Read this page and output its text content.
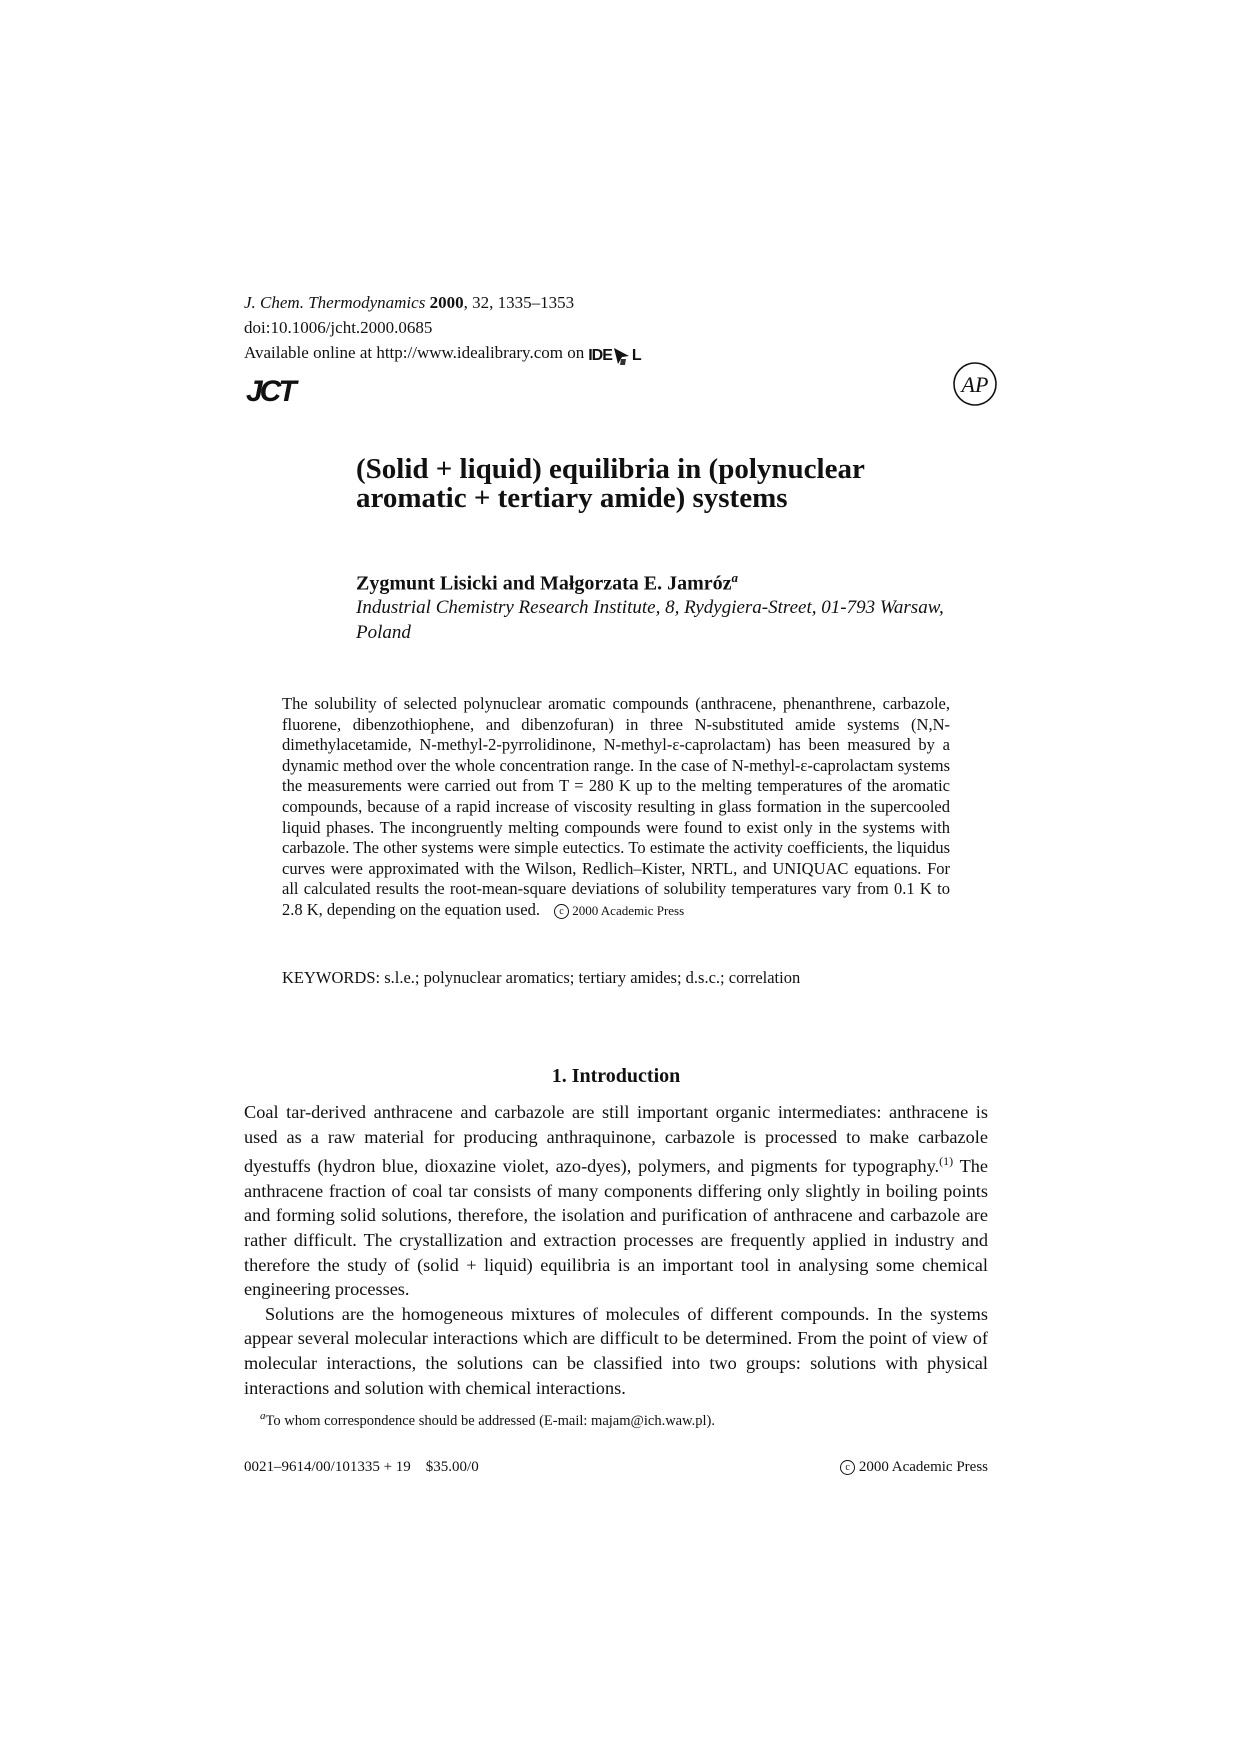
J. Chem. Thermodynamics 2000, 32, 1335–1353
doi:10.1006/jcht.2000.0685
Available online at http://www.idealibrary.com on IDE L
JCT	AP
(Solid + liquid) equilibria in (polynuclear
aromatic + tertiary amide) systems
Zygmunt Lisicki and Małgorzata E. Jamróz$^a$
Industrial Chemistry Research Institute, 8, Rydygiera-Street, 01-793 Warsaw, Poland

The solubility of selected polynuclear aromatic compounds (anthracene, phenanthrene, carbazole, fluorene, dibenzothiophene, and dibenzofuran) in three N-substituted amide systems (N,N-dimethylacetamide, N-methyl-2-pyrrolidinone, N-methyl-ε-caprolactam) has been measured by a dynamic method over the whole concentration range. In the case of N-methyl-ε-caprolactam systems the measurements were carried out from T = 280 K up to the melting temperatures of the aromatic compounds, because of a rapid increase of viscosity resulting in glass formation in the supercooled liquid phases. The incongruently melting compounds were found to exist only in the systems with carbazole. The other systems were simple eutectics. To estimate the activity coefficients, the liquidus curves were approximated with the Wilson, Redlich–Kister, NRTL, and UNIQUAC equations. For all calculated results the root-mean-square deviations of solubility temperatures vary from 0.1 K to 2.8 K, depending on the equation used. c 2000 Academic Press

KEYWORDS: s.l.e.; polynuclear aromatics; tertiary amides; d.s.c.; correlation
1. Introduction

Coal tar-derived anthracene and carbazole are still important organic intermediates: anthracene is used as a raw material for producing anthraquinone, carbazole is processed to make carbazole dyestuffs (hydron blue, dioxazine violet, azo-dyes), polymers, and pigments for typography.$^{(1)}$ The anthracene fraction of coal tar consists of many components differing only slightly in boiling points and forming solid solutions, therefore, the isolation and purification of anthracene and carbazole are rather difficult. The crystallization and extraction processes are frequently applied in industry and therefore the study of (solid + liquid) equilibria is an important tool in analysing some chemical engineering processes.

Solutions are the homogeneous mixtures of molecules of different compounds. In the systems appear several molecular interactions which are difficult to be determined. From the point of view of molecular interactions, the solutions can be classified into two groups: solutions with physical interactions and solution with chemical interactions.

$^a$To whom correspondence should be addressed (E-mail: majam@ich.waw.pl).
0021–9614/00/101335 + 19    $35.00/0	c 2000 Academic Press
